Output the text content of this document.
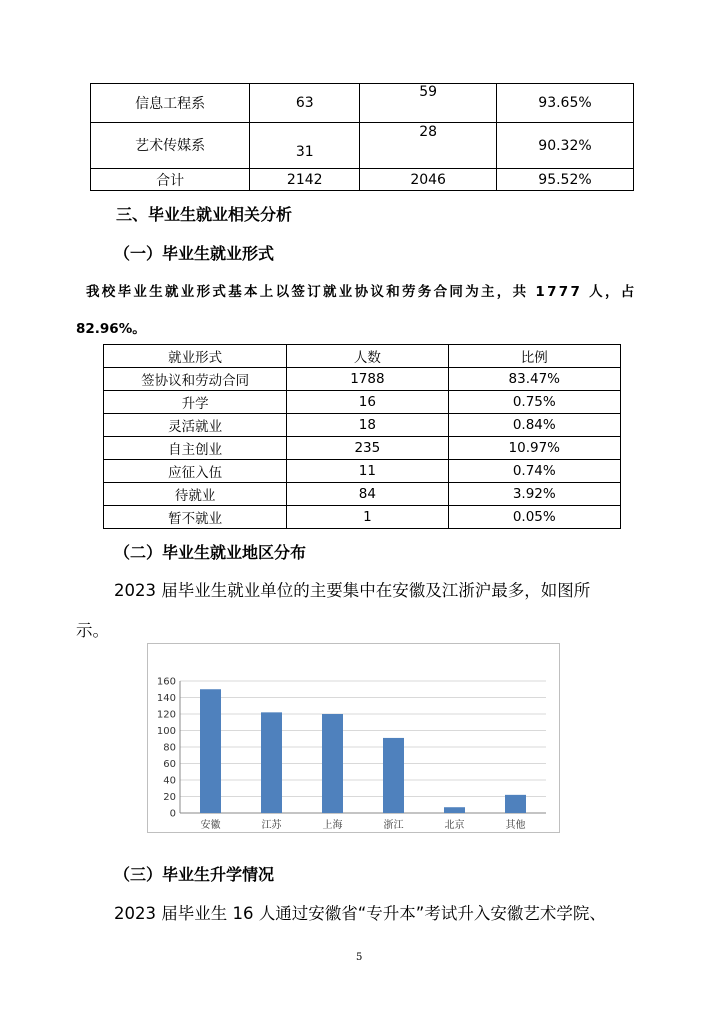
信息工程系	63	59	93.65%
艺术传媒系	31	28	90.32%
合计	2142	2046	95.52%
三、毕业生就业相关分析
（一）毕业生就业形式
我校毕业生就业形式基本上以签订就业协议和劳务合同为主，共 1777 人，占
82.96%。
就业形式	人数	比例
签协议和劳动合同	1788	83.47%
升学	16	0.75%
灵活就业	18	0.84%
自主创业	235	10.97%
应征入伍	11	0.74%
待就业	84	3.92%
暂不就业	1	0.05%
（二）毕业生就业地区分布
2023 届毕业生就业单位的主要集中在安徽及江浙沪最多，如图所
示。
0
20
40
60
80
100
120
140
160
安徽	江苏	上海	浙江	北京	其他
（三）毕业生升学情况
2023 届毕业生 16 人通过安徽省“专升本”考试升入安徽艺术学院、
5
